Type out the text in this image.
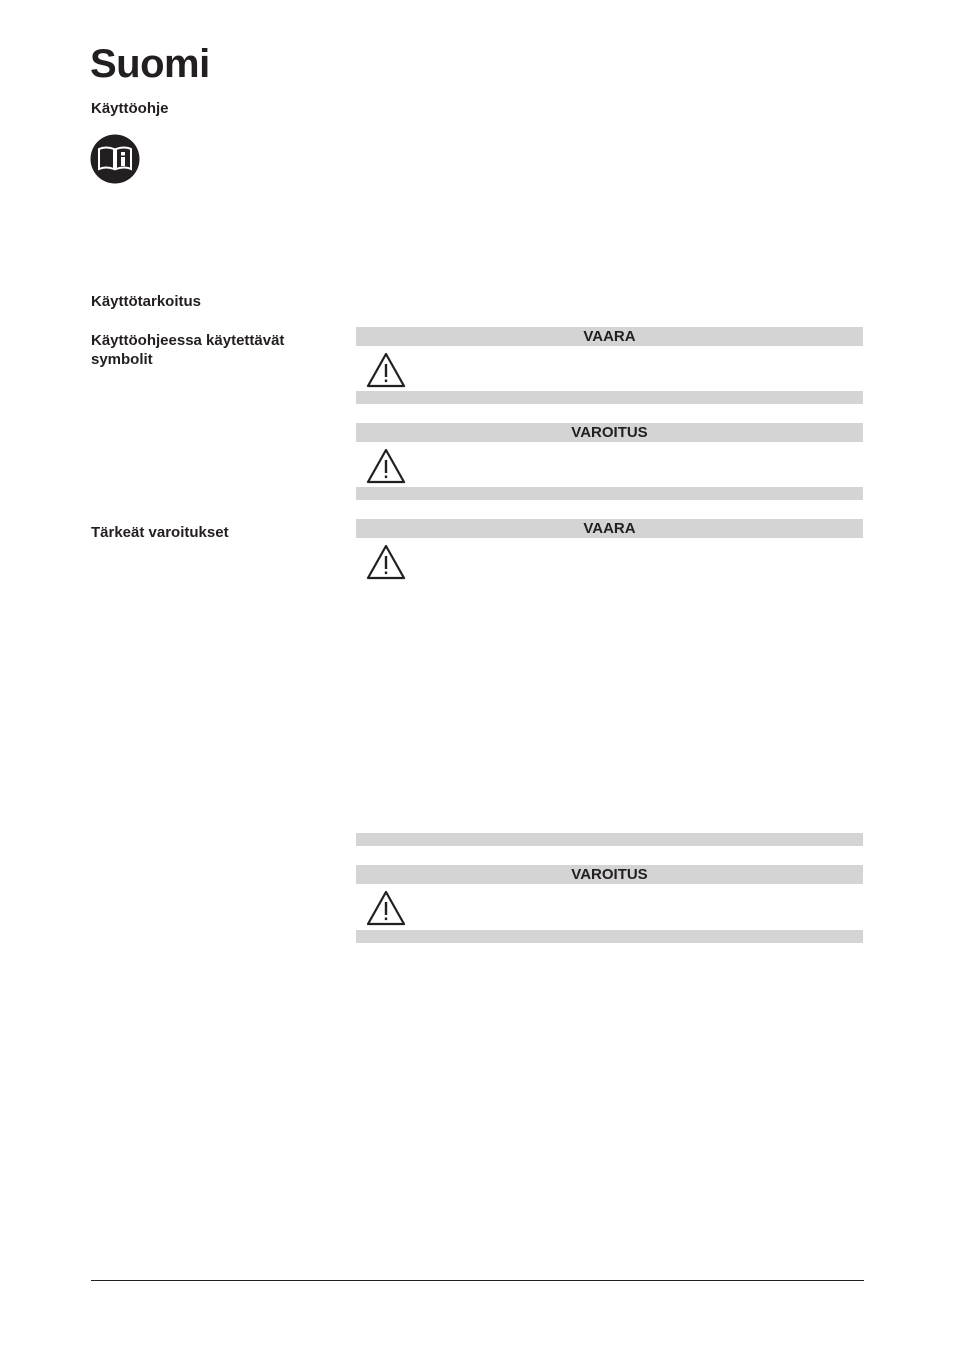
Suomi
Käyttöohje
Käyttötarkoitus
Käyttöohjeessa käytettävät symbolit
Tärkeät varoitukset
VAARA
VAROITUS
VAARA
VAROITUS
